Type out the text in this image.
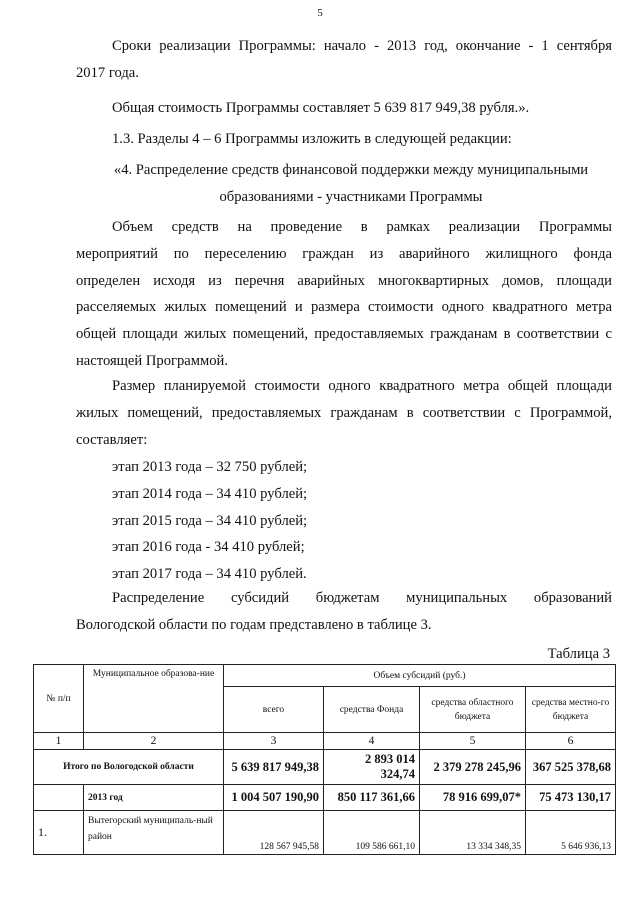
5
Сроки реализации Программы: начало - 2013 год, окончание - 1 сентября
2017 года.
Общая стоимость Программы составляет 5 639 817 949,38 рубля.».
1.3. Разделы 4 – 6 Программы изложить в следующей редакции:
«4. Распределение средств финансовой поддержки между муниципальными
образованиями - участниками Программы
Объем средств на проведение в рамках реализации Программы
мероприятий по переселению граждан из аварийного жилищного фонда
определен исходя из перечня аварийных многоквартирных домов, площади
расселяемых жилых помещений и размера стоимости одного квадратного метра
общей площади жилых помещений, предоставляемых гражданам в соответствии с
настоящей Программой.
Размер планируемой стоимости одного квадратного метра общей площади
жилых помещений, предоставляемых гражданам в соответствии с Программой,
составляет:
этап 2013 года – 32 750 рублей;
этап 2014 года – 34 410 рублей;
этап 2015 года – 34 410 рублей;
этап 2016 года - 34 410 рублей;
этап 2017 года – 34 410 рублей.
Распределение субсидий бюджетам муниципальных образований
Вологодской области по годам представлено в таблице 3.
Таблица 3
№ п/п	Муниципальное образова-ние	Объем субсидий (руб.)			
		всего	средства Фонда	средства областного бюджета	средства местно-го бюджета
1	2	3	4	5	6
Итого по Вологодской области		5 639 817 949,38	2 893 014 324,74	2 379 278 245,96	367 525 378,68
	2013 год	1 004 507 190,90	850 117 361,66	78 916 699,07*	75 473 130,17
1.	Вытегорский муниципаль-ный район	128 567 945,58	109 586 661,10	13 334 348,35	5 646 936,13
